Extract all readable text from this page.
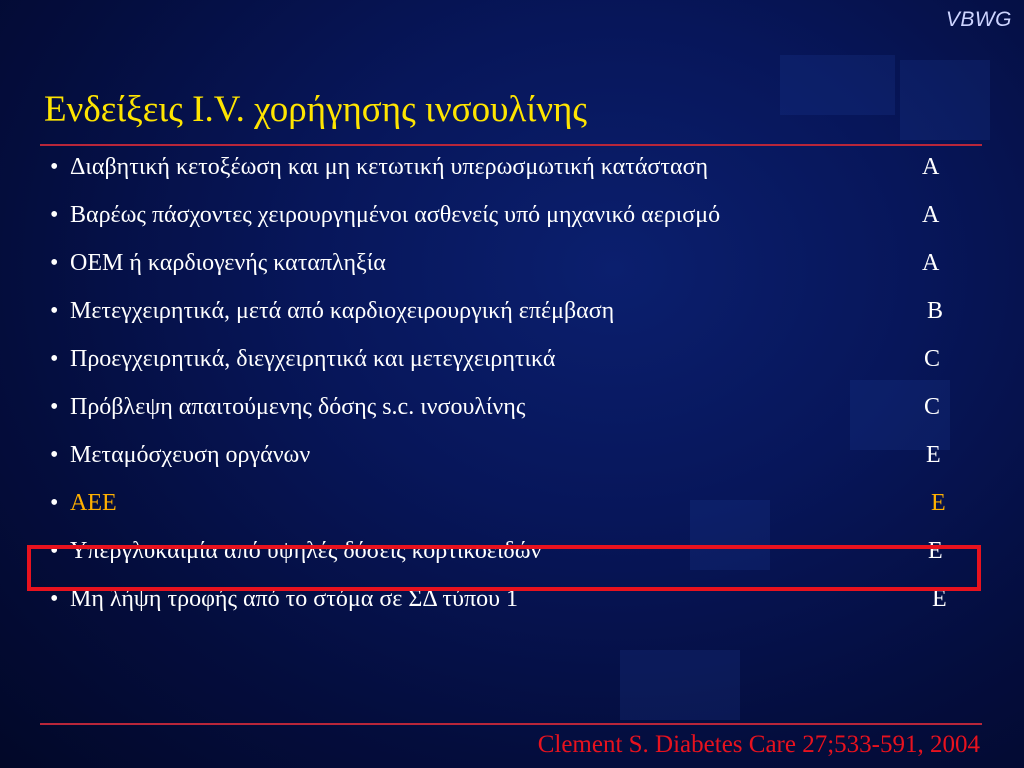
VBWG
Ενδείξεις I.V. χορήγησης ινσουλίνης
• Διαβητική κετοξέωση και μη κετωτική υπερωσμωτική κατάσταση	A
• Βαρέως πάσχοντες χειρουργημένοι ασθενείς υπό μηχανικό αερισμό	A
• ΟΕΜ ή καρδιογενής καταπληξία	A
• Μετεγχειρητικά, μετά από καρδιοχειρουργική επέμβαση	B
• Προεγχειρητικά, διεγχειρητικά και μετεγχειρητικά	C
• Πρόβλεψη απαιτούμενης δόσης s.c. ινσουλίνης	C
• Μεταμόσχευση οργάνων	E
• ΑΕΕ	E
• Υπεργλυκαιμία από υψηλές δόσεις κορτικοειδών	E
• Μη λήψη τροφής από το στόμα σε ΣΔ τύπου 1	E
Clement S. Diabetes Care 27;533-591, 2004
